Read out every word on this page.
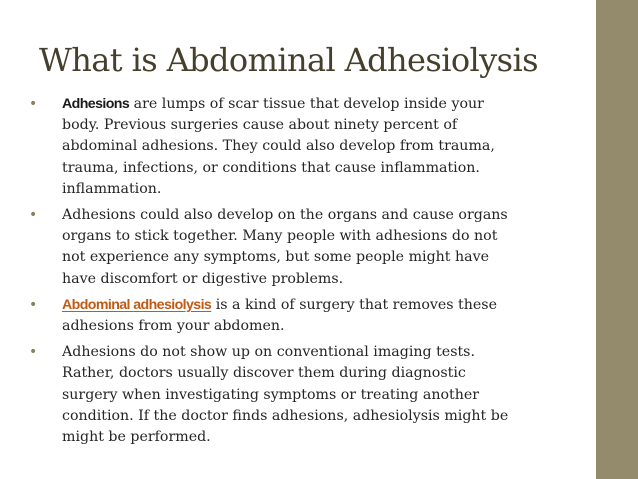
What is Abdominal Adhesiolysis
• Adhesions are lumps of scar tissue that develop inside your
body. Previous surgeries cause about ninety percent of
abdominal adhesions. They could also develop from trauma,
trauma, infections, or conditions that cause inflammation.
inflammation.
• Adhesions could also develop on the organs and cause organs
organs to stick together. Many people with adhesions do not
not experience any symptoms, but some people might have
have discomfort or digestive problems.
• Abdominal adhesiolysis is a kind of surgery that removes these
adhesions from your abdomen.
• Adhesions do not show up on conventional imaging tests.
Rather, doctors usually discover them during diagnostic
surgery when investigating symptoms or treating another
condition. If the doctor finds adhesions, adhesiolysis might be
might be performed.
